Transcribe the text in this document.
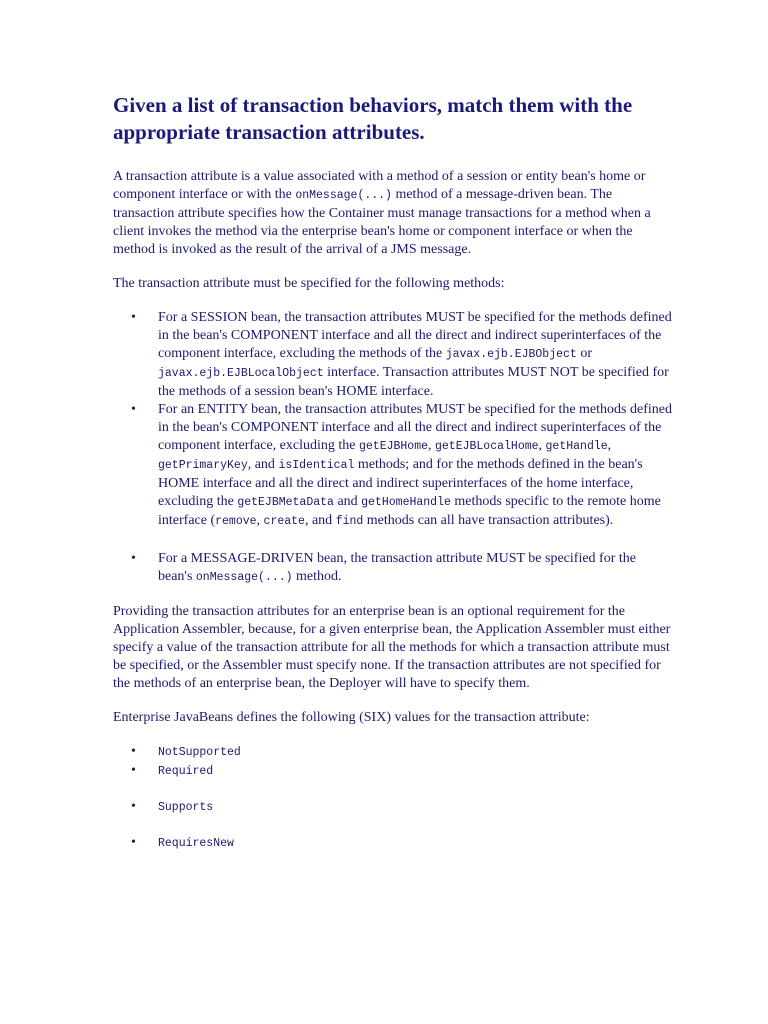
Given a list of transaction behaviors, match them with the appropriate transaction attributes.

A transaction attribute is a value associated with a method of a session or entity bean's home or component interface or with the onMessage(...) method of a message-driven bean. The transaction attribute specifies how the Container must manage transactions for a method when a client invokes the method via the enterprise bean's home or component interface or when the method is invoked as the result of the arrival of a JMS message.

The transaction attribute must be specified for the following methods:

• For a SESSION bean, the transaction attributes MUST be specified for the methods defined in the bean's COMPONENT interface and all the direct and indirect superinterfaces of the component interface, excluding the methods of the javax.ejb.EJBObject or javax.ejb.EJBLocalObject interface. Transaction attributes MUST NOT be specified for the methods of a session bean's HOME interface.
• For an ENTITY bean, the transaction attributes MUST be specified for the methods defined in the bean's COMPONENT interface and all the direct and indirect superinterfaces of the component interface, excluding the getEJBHome, getEJBLocalHome, getHandle, getPrimaryKey, and isIdentical methods; and for the methods defined in the bean's HOME interface and all the direct and indirect superinterfaces of the home interface, excluding the getEJBMetaData and getHomeHandle methods specific to the remote home interface (remove, create, and find methods can all have transaction attributes).
• For a MESSAGE-DRIVEN bean, the transaction attribute MUST be specified for the bean's onMessage(...) method.

Providing the transaction attributes for an enterprise bean is an optional requirement for the Application Assembler, because, for a given enterprise bean, the Application Assembler must either specify a value of the transaction attribute for all the methods for which a transaction attribute must be specified, or the Assembler must specify none. If the transaction attributes are not specified for the methods of an enterprise bean, the Deployer will have to specify them.

Enterprise JavaBeans defines the following (SIX) values for the transaction attribute:

• NotSupported
• Required
• Supports
• RequiresNew
